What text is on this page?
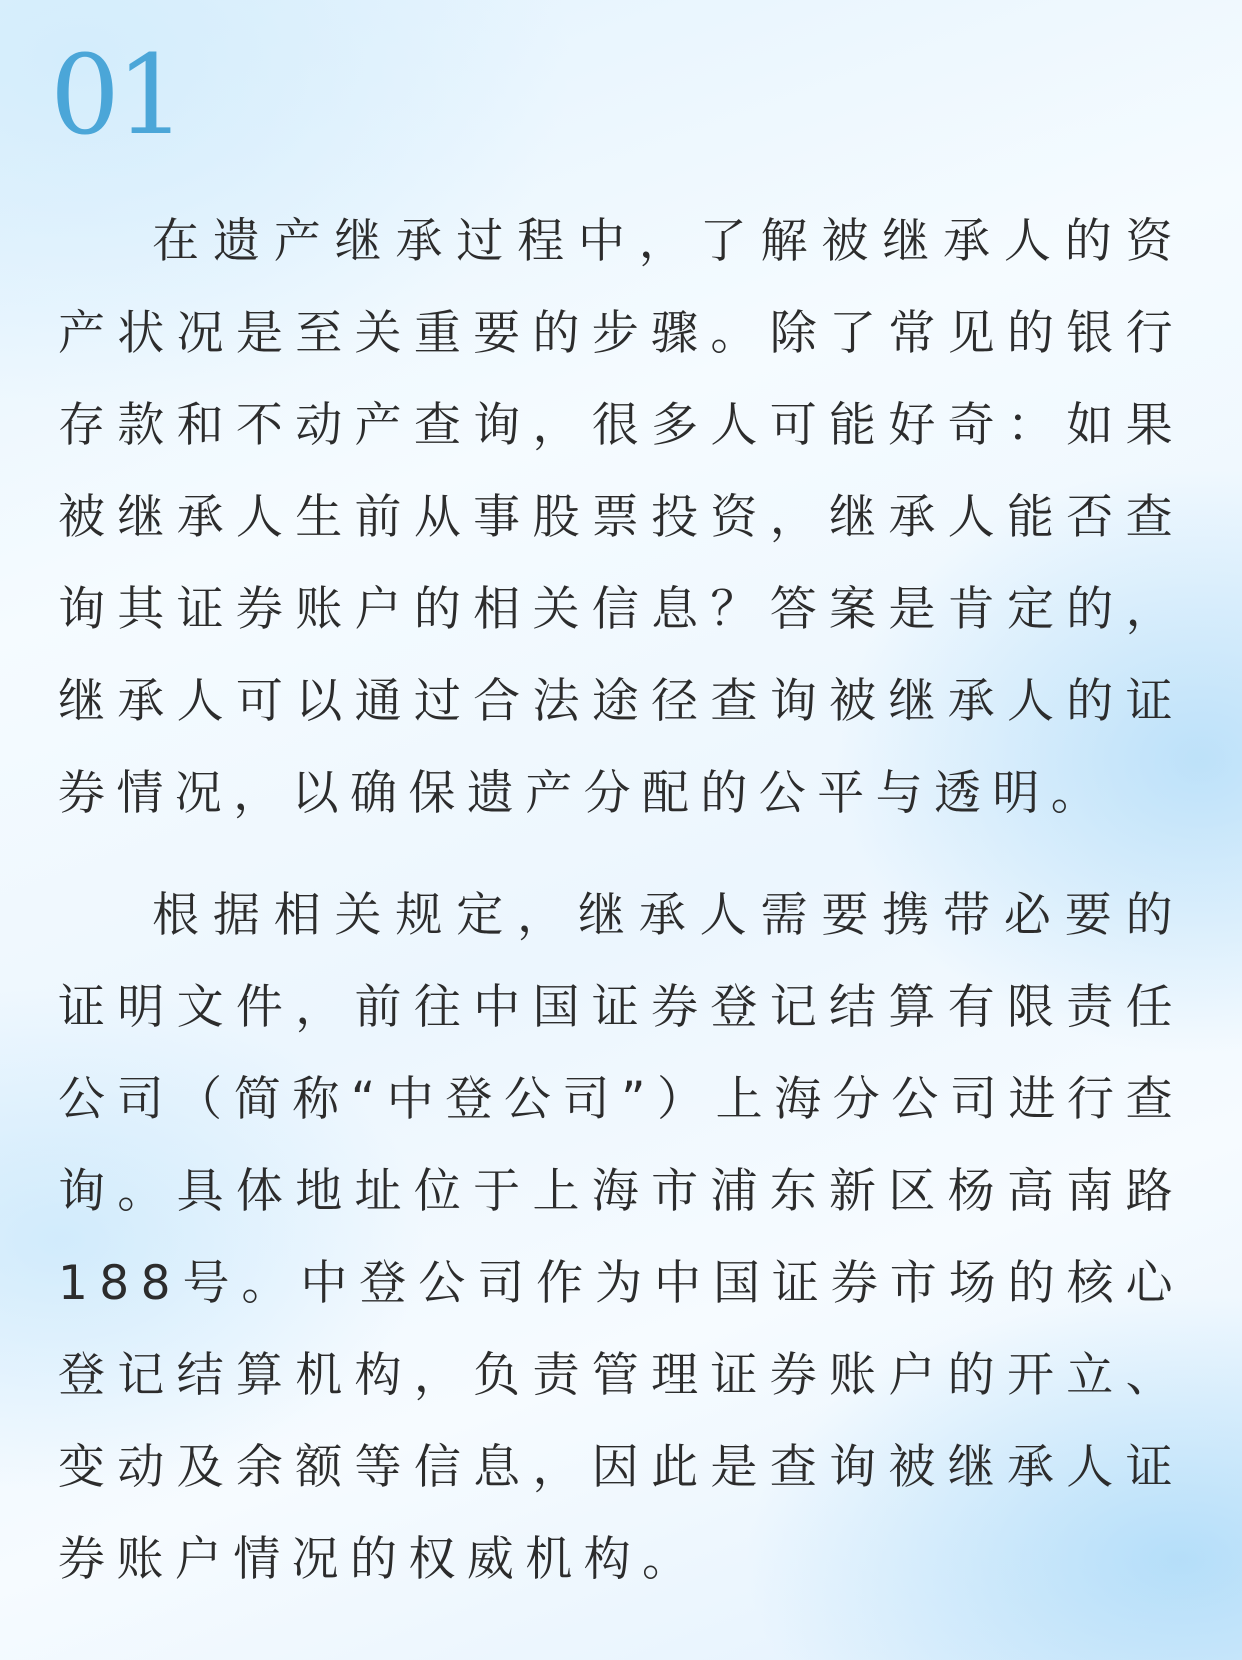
01

在遗产继承过程中，了解被继承人的资产状况是至关重要的步骤。除了常见的银行存款和不动产查询，很多人可能好奇：如果被继承人生前从事股票投资，继承人能否查询其证券账户的相关信息？答案是肯定的，继承人可以通过合法途径查询被继承人的证券情况，以确保遗产分配的公平与透明。

根据相关规定，继承人需要携带必要的证明文件，前往中国证券登记结算有限责任公司（简称“中登公司”）上海分公司进行查询。具体地址位于上海市浦东新区杨高南路188号。中登公司作为中国证券市场的核心登记结算机构，负责管理证券账户的开立、变动及余额等信息，因此是查询被继承人证券账户情况的权威机构。
